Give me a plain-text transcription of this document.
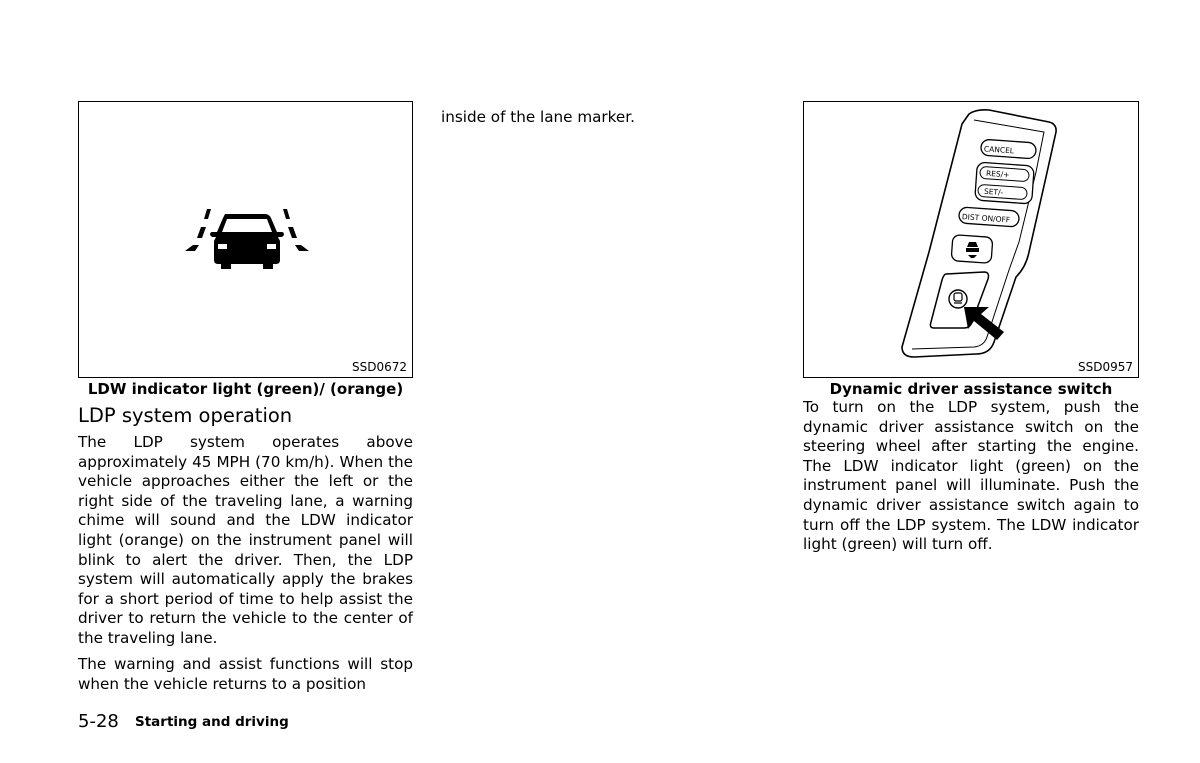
SSD0672
LDW indicator light (green)/ (orange)
LDP system operation

The LDP system operates above approximately 45 MPH (70 km/h). When the vehicle approaches either the left or the right side of the traveling lane, a warning chime will sound and the LDW indicator light (orange) on the instrument panel will blink to alert the driver. Then, the LDP system will automatically apply the brakes for a short period of time to help assist the driver to return the vehicle to the center of the traveling lane.

The warning and assist functions will stop when the vehicle returns to a position

inside of the lane marker.

CANCEL
RES/+
SET/-
DIST ON/OFF
SSD0957
Dynamic driver assistance switch

To turn on the LDP system, push the dynamic driver assistance switch on the steering wheel after starting the engine. The LDW indicator light (green) on the instrument panel will illuminate. Push the dynamic driver assistance switch again to turn off the LDP system. The LDW indicator light (green) will turn off.

5-28 Starting and driving
